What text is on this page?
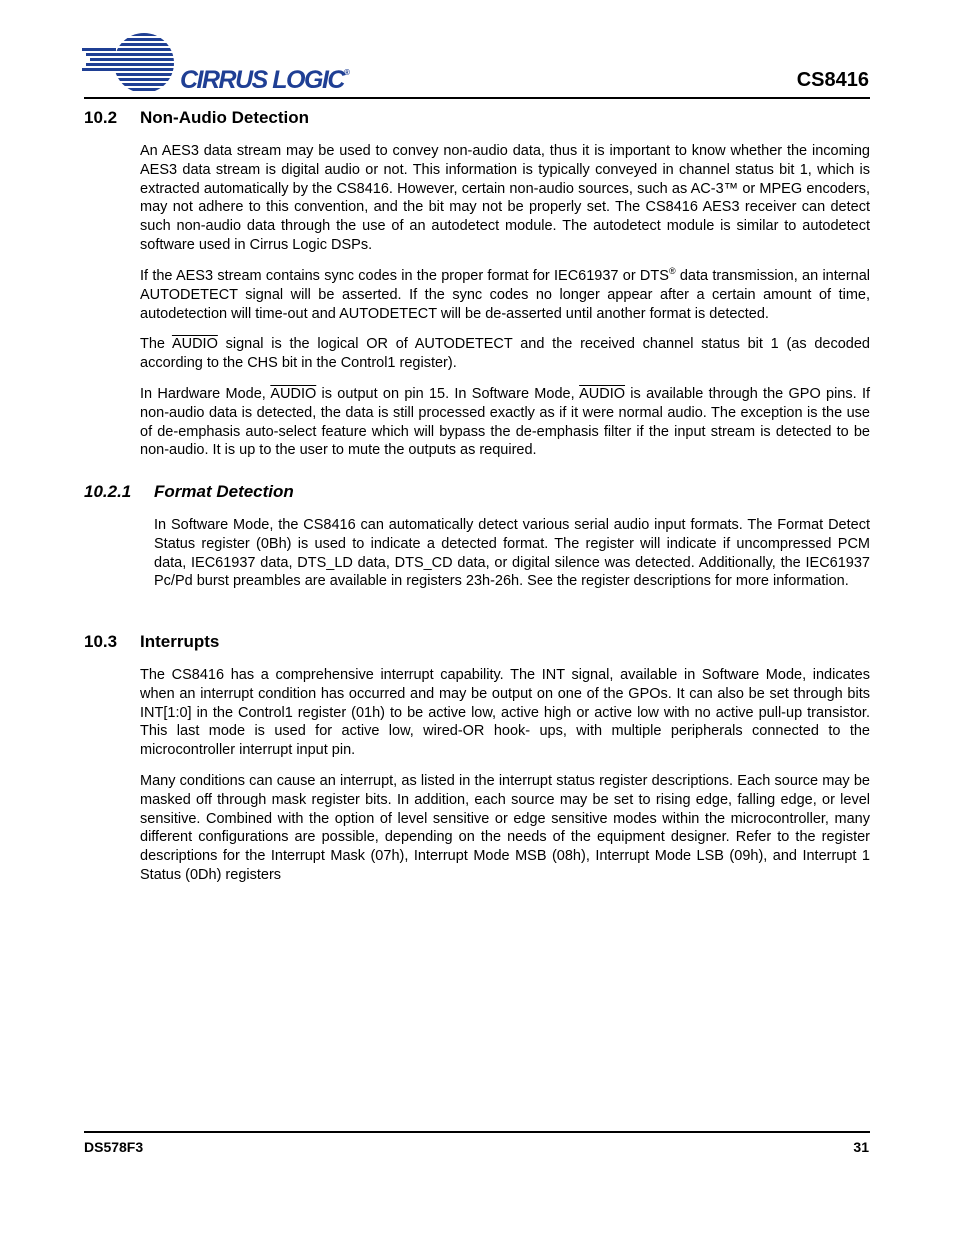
CIRRUS LOGIC®	CS8416
10.2 Non-Audio Detection

An AES3 data stream may be used to convey non-audio data, thus it is important to know whether the incoming AES3 data stream is digital audio or not. This information is typically conveyed in channel status bit 1, which is extracted automatically by the CS8416. However, certain non-audio sources, such as AC-3™ or MPEG encoders, may not adhere to this convention, and the bit may not be properly set. The CS8416 AES3 receiver can detect such non-audio data through the use of an autodetect module. The autodetect module is similar to autodetect software used in Cirrus Logic DSPs.

If the AES3 stream contains sync codes in the proper format for IEC61937 or DTS® data transmission, an internal AUTODETECT signal will be asserted. If the sync codes no longer appear after a certain amount of time, autodetection will time-out and AUTODETECT will be de-asserted until another format is detected.

The AUDIO signal is the logical OR of AUTODETECT and the received channel status bit 1 (as decoded according to the CHS bit in the Control1 register).

In Hardware Mode, AUDIO is output on pin 15. In Software Mode, AUDIO is available through the GPO pins. If non-audio data is detected, the data is still processed exactly as if it were normal audio. The exception is the use of de-emphasis auto-select feature which will bypass the de-emphasis filter if the input stream is detected to be non-audio. It is up to the user to mute the outputs as required.

10.2.1 Format Detection

In Software Mode, the CS8416 can automatically detect various serial audio input formats. The Format Detect Status register (0Bh) is used to indicate a detected format. The register will indicate if uncompressed PCM data, IEC61937 data, DTS_LD data, DTS_CD data, or digital silence was detected. Additionally, the IEC61937 Pc/Pd burst preambles are available in registers 23h-26h. See the register descriptions for more information.

10.3 Interrupts

The CS8416 has a comprehensive interrupt capability. The INT signal, available in Software Mode, indicates when an interrupt condition has occurred and may be output on one of the GPOs. It can also be set through bits INT[1:0] in the Control1 register (01h) to be active low, active high or active low with no active pull-up transistor. This last mode is used for active low, wired-OR hook- ups, with multiple peripherals connected to the microcontroller interrupt input pin.

Many conditions can cause an interrupt, as listed in the interrupt status register descriptions. Each source may be masked off through mask register bits. In addition, each source may be set to rising edge, falling edge, or level sensitive. Combined with the option of level sensitive or edge sensitive modes within the microcontroller, many different configurations are possible, depending on the needs of the equipment designer. Refer to the register descriptions for the Interrupt Mask (07h), Interrupt Mode MSB (08h), Interrupt Mode LSB (09h), and Interrupt 1 Status (0Dh) registers

DS578F3	31
